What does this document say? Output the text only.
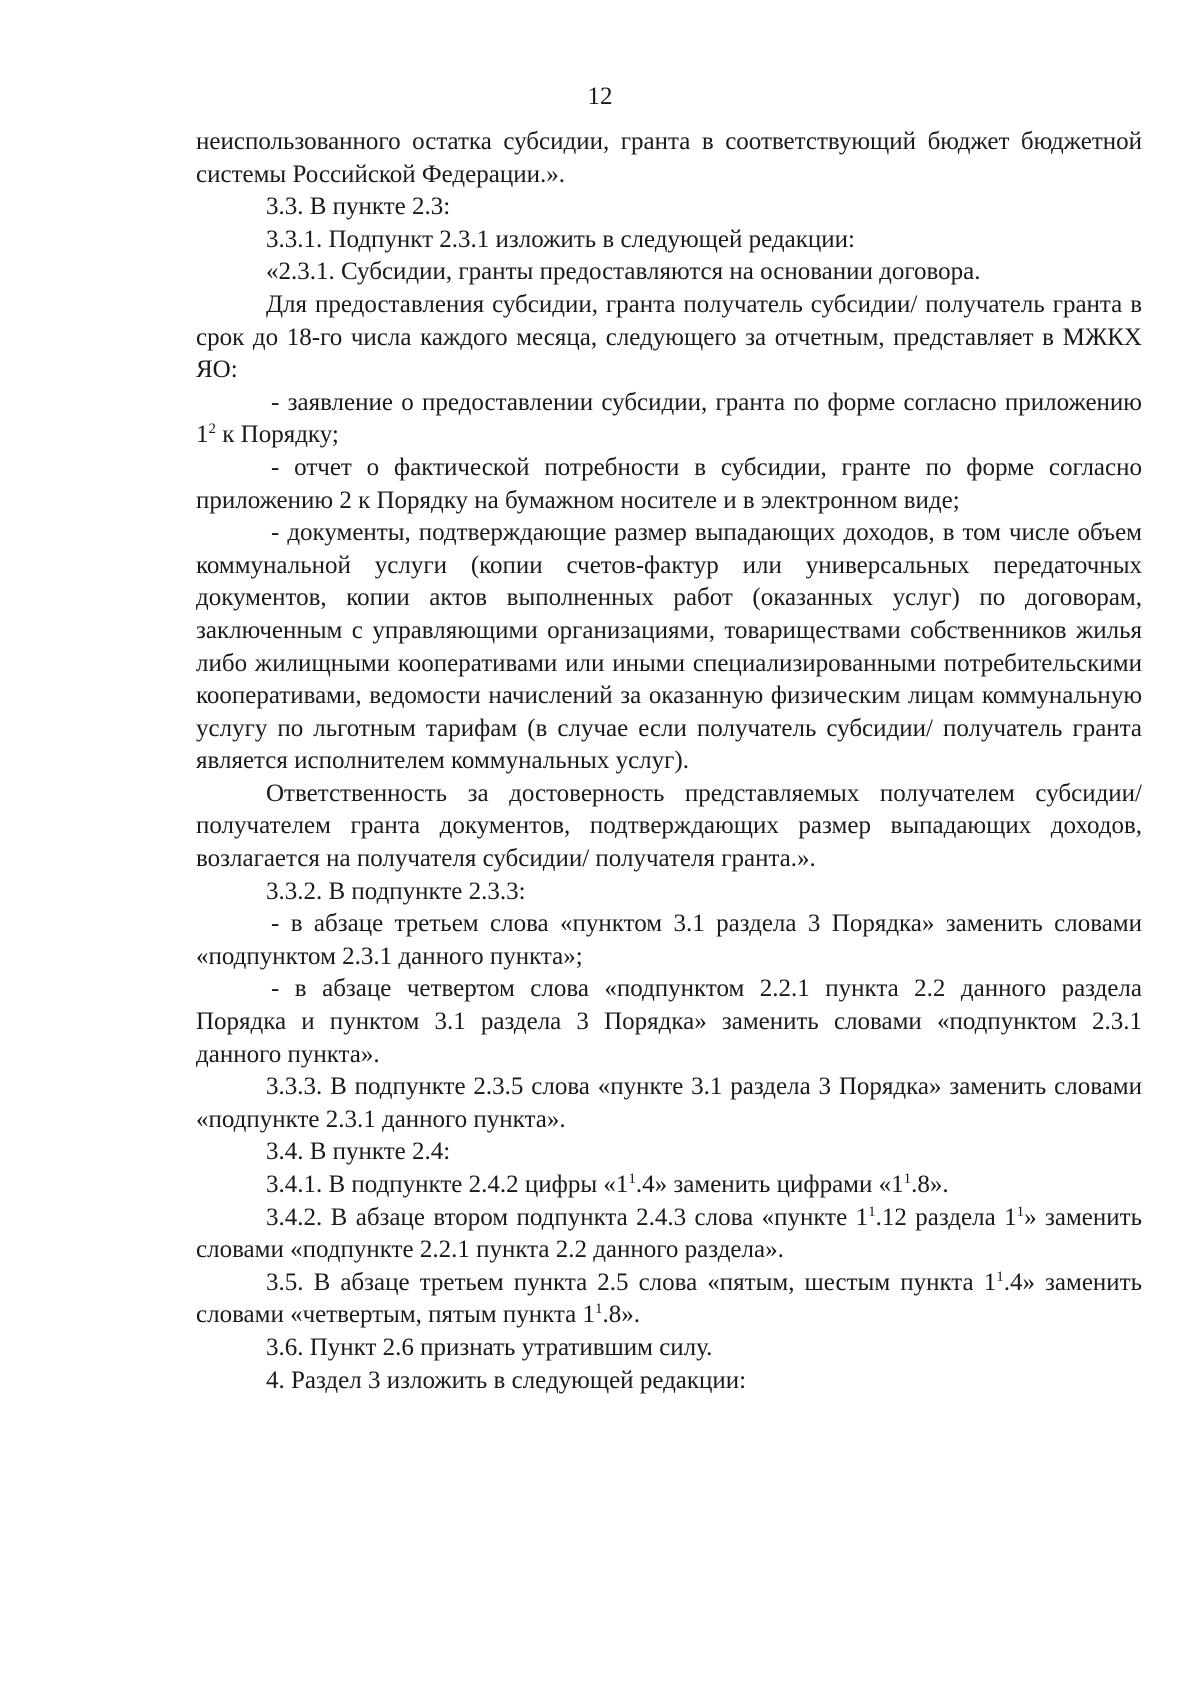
12

неиспользованного остатка субсидии, гранта в соответствующий бюджет бюджетной системы Российской Федерации.».

3.3. В пункте 2.3:

3.3.1. Подпункт 2.3.1 изложить в следующей редакции:

«2.3.1. Субсидии, гранты предоставляются на основании договора.

Для предоставления субсидии, гранта получатель субсидии/ получатель гранта в срок до 18-го числа каждого месяца, следующего за отчетным, представляет в МЖКХ ЯО:

- заявление о предоставлении субсидии, гранта по форме согласно приложению $1^2$ к Порядку;

- отчет о фактической потребности в субсидии, гранте по форме согласно приложению 2 к Порядку на бумажном носителе и в электронном виде;

- документы, подтверждающие размер выпадающих доходов, в том числе объем коммунальной услуги (копии счетов-фактур или универсальных передаточных документов, копии актов выполненных работ (оказанных услуг) по договорам, заключенным с управляющими организациями, товариществами собственников жилья либо жилищными кооперативами или иными специализированными потребительскими кооперативами, ведомости начислений за оказанную физическим лицам коммунальную услугу по льготным тарифам (в случае если получатель субсидии/ получатель гранта является исполнителем коммунальных услуг).

Ответственность за достоверность представляемых получателем субсидии/ получателем гранта документов, подтверждающих размер выпадающих доходов, возлагается на получателя субсидии/ получателя гранта.».

3.3.2. В подпункте 2.3.3:

- в абзаце третьем слова «пунктом 3.1 раздела 3 Порядка» заменить словами «подпунктом 2.3.1 данного пункта»;

- в абзаце четвертом слова «подпунктом 2.2.1 пункта 2.2 данного раздела Порядка и пунктом 3.1 раздела 3 Порядка» заменить словами «подпунктом 2.3.1 данного пункта».

3.3.3. В подпункте 2.3.5 слова «пункте 3.1 раздела 3 Порядка» заменить словами «подпункте 2.3.1 данного пункта».

3.4. В пункте 2.4:

3.4.1. В подпункте 2.4.2 цифры «$1^1.4$» заменить цифрами «$1^1.8$».

3.4.2. В абзаце втором подпункта 2.4.3 слова «пункте $1^1.12$ раздела $1^1$» заменить словами «подпункте 2.2.1 пункта 2.2 данного раздела».

3.5. В абзаце третьем пункта 2.5 слова «пятым, шестым пункта $1^1.4$» заменить словами «четвертым, пятым пункта $1^1.8$».

3.6. Пункт 2.6 признать утратившим силу.

4. Раздел 3 изложить в следующей редакции:
